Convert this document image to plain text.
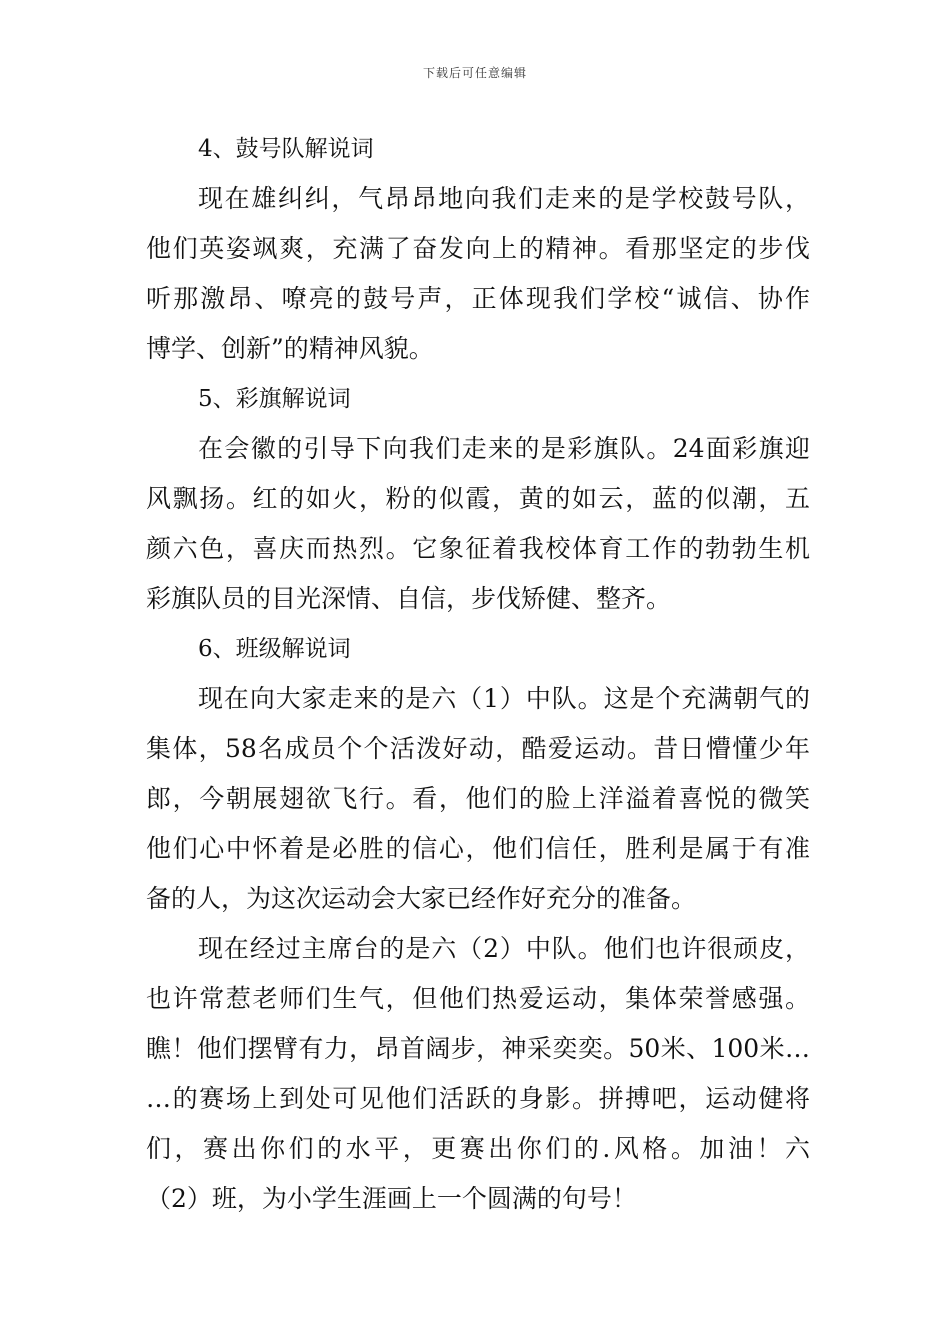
下载后可任意编辑
4、鼓号队解说词
现在雄纠纠，气昂昂地向我们走来的是学校鼓号队，
他们英姿飒爽，充满了奋发向上的精神。看那坚定的步伐
听那激昂、嘹亮的鼓号声，正体现我们学校“诚信、协作
博学、创新”的精神风貌。
5、彩旗解说词
在会徽的引导下向我们走来的是彩旗队。24面彩旗迎
风飘扬。红的如火，粉的似霞，黄的如云，蓝的似潮，五
颜六色，喜庆而热烈。它象征着我校体育工作的勃勃生机
彩旗队员的目光深情、自信，步伐矫健、整齐。
6、班级解说词
现在向大家走来的是六（1）中队。这是个充满朝气的
集体，58名成员个个活泼好动，酷爱运动。昔日懵懂少年
郎，今朝展翅欲飞行。看，他们的脸上洋溢着喜悦的微笑
他们心中怀着是必胜的信心，他们信任，胜利是属于有准
备的人，为这次运动会大家已经作好充分的准备。
现在经过主席台的是六（2）中队。他们也许很顽皮，
也许常惹老师们生气，但他们热爱运动，集体荣誉感强。
瞧！他们摆臂有力，昂首阔步，神采奕奕。50米、100米…
…的赛场上到处可见他们活跃的身影。拼搏吧，运动健将
们，赛出你们的水平，更赛出你们的.风格。加油！六
（2）班，为小学生涯画上一个圆满的句号！
